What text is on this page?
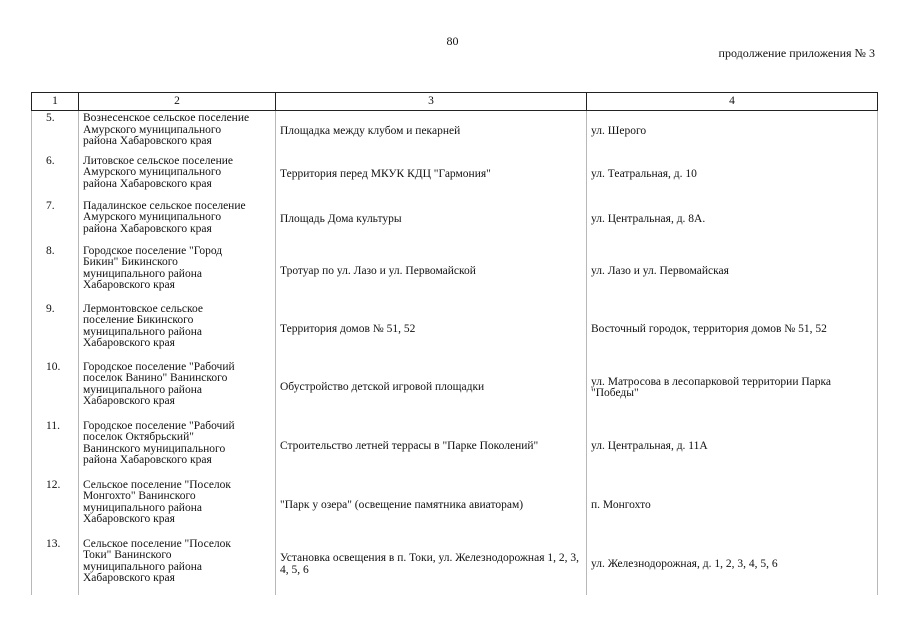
80
продолжение приложения № 3
1	2	3	4
5.	Вознесенское сельское поселение
Амурского муниципального
района Хабаровского края	Площадка между клубом и пекарней	ул. Шерого
6.	Литовское сельское поселение
Амурского муниципального
района Хабаровского края	Территория перед МКУК КДЦ "Гармония"	ул. Театральная, д. 10
7.	Падалинское сельское поселение
Амурского муниципального
района Хабаровского края	Площадь Дома культуры	ул. Центральная, д. 8А.
8.	Городское поселение "Город
Бикин" Бикинского
муниципального района
Хабаровского края	Тротуар по ул. Лазо и ул. Первомайской	ул. Лазо и ул. Первомайская
9.	Лермонтовское сельское
поселение Бикинского
муниципального района
Хабаровского края	Территория домов № 51, 52	Восточный городок, территория домов № 51, 52
10.	Городское поселение "Рабочий
поселок Ванино" Ванинского
муниципального района
Хабаровского края	Обустройство детской игровой площадки	ул. Матросова в лесопарковой территории Парка "Победы"
11.	Городское поселение "Рабочий
поселок Октябрьский"
Ванинского муниципального
района Хабаровского края	Строительство летней террасы в "Парке Поколений"	ул. Центральная, д. 11А
12.	Сельское поселение "Поселок
Монгохто" Ванинского
муниципального района
Хабаровского края	"Парк у озера" (освещение памятника авиаторам)	п. Монгохто
13.	Сельское поселение "Поселок
Токи" Ванинского
муниципального района
Хабаровского края	Установка освещения в п. Токи, ул. Железнодорожная 1, 2, 3, 4, 5, 6	ул. Железнодорожная, д. 1, 2, 3, 4, 5, 6
